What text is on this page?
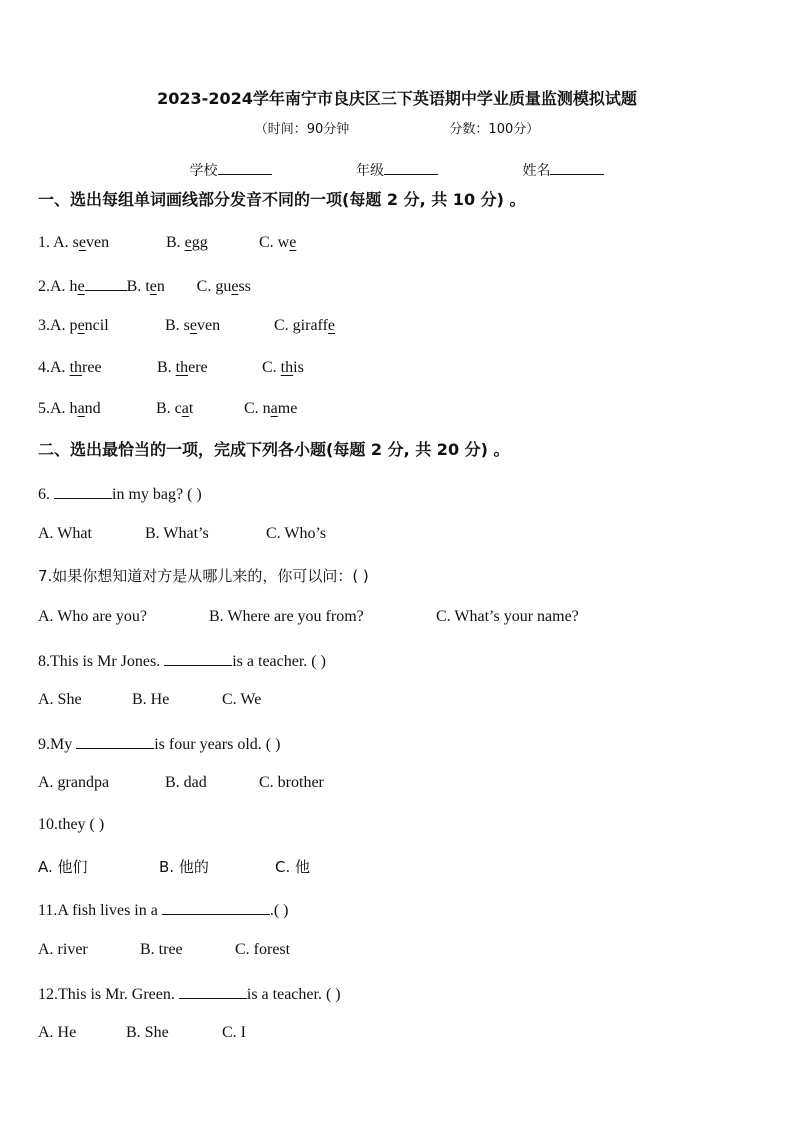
2023-2024学年南宁市良庆区三下英语期中学业质量监测模拟试题
（时间：90分钟	分数：100分）
学校	年级	姓名
一、选出每组单词画线部分发音不同的一项(每题 2 分, 共 10 分) 。
1. A. seven	B. egg	C. we
2.A. he	B. ten C. guess
3.A. pencil	B. seven	C. giraffe
4.A. three	B. there	C. this
5.A. hand	B. cat	C. name
二、选出最恰当的一项，完成下列各小题(每题 2 分, 共 20 分) 。
6.	in my bag? ( )
A. What	B. What’s	C. Who’s
7.如果你想知道对方是从哪儿来的，你可以问：( )
A. Who are you?	B. Where are you from?	C. What’s your name?
8.This is Mr Jones.	is a teacher. ( )
A. She	B. He	C. We
9.My	is four years old. ( )
A. grandpa	B. dad	C. brother
10.they ( )
A. 他们	B. 他的	C. 他
11.A fish lives in a	.( )
A. river	B. tree	C. forest
12.This is Mr. Green.	is a teacher. ( )
A. He	B. She	C. I
